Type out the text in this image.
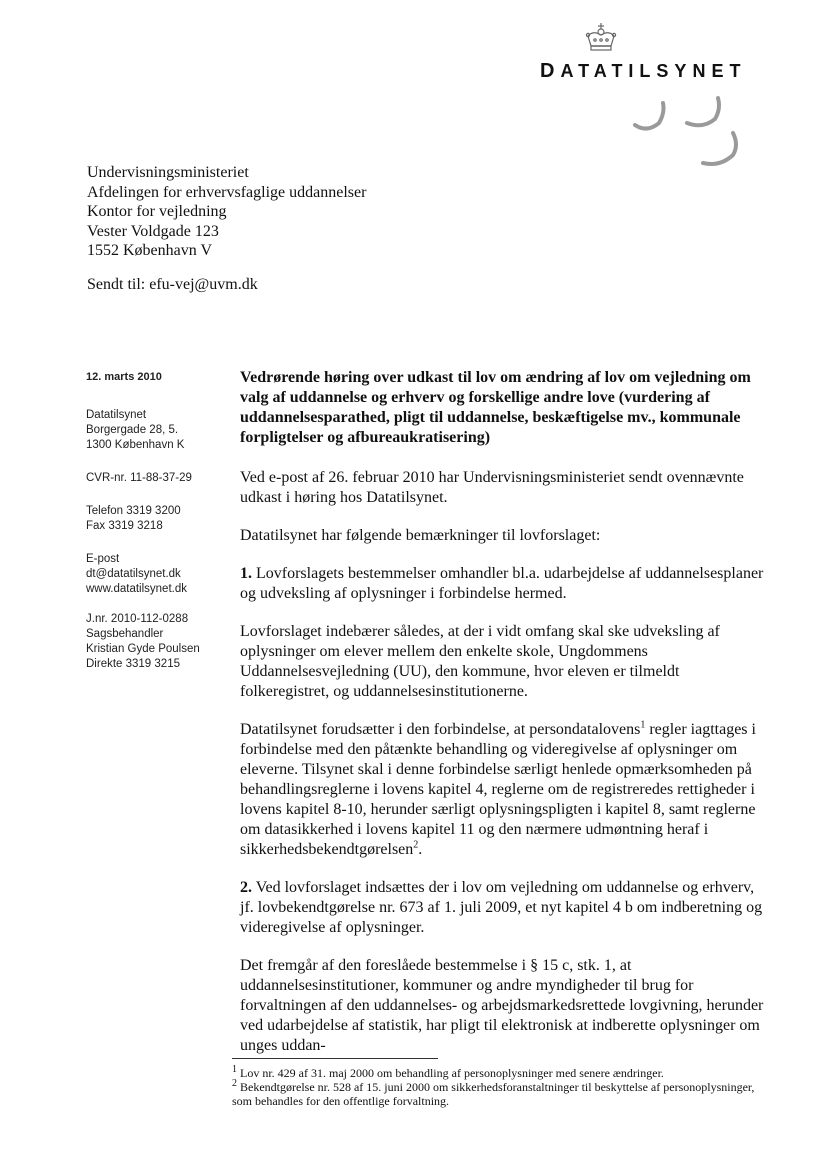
DATATILSYNET
Undervisningsministeriet
Afdelingen for erhvervsfaglige uddannelser
Kontor for vejledning
Vester Voldgade 123
1552 København V
Sendt til: efu-vej@uvm.dk
12. marts 2010
Datatilsynet
Borgergade 28, 5.
1300 København K
CVR-nr. 11-88-37-29
Telefon 3319 3200
Fax 3319 3218
E-post
dt@datatilsynet.dk
www.datatilsynet.dk
J.nr. 2010-112-0288
Sagsbehandler
Kristian Gyde Poulsen
Direkte 3319 3215
Vedrørende høring over udkast til lov om ændring af lov om vejledning om valg af uddannelse og erhverv og forskellige andre love (vurdering af uddannelsesparathed, pligt til uddannelse, beskæftigelse mv., kommunale forpligtelser og afbureaukratisering)

Ved e-post af 26. februar 2010 har Undervisningsministeriet sendt ovennævnte udkast i høring hos Datatilsynet.

Datatilsynet har følgende bemærkninger til lovforslaget:

1. Lovforslagets bestemmelser omhandler bl.a. udarbejdelse af uddannelsesplaner og udveksling af oplysninger i forbindelse hermed.

Lovforslaget indebærer således, at der i vidt omfang skal ske udveksling af oplysninger om elever mellem den enkelte skole, Ungdommens Uddannelsesvejledning (UU), den kommune, hvor eleven er tilmeldt folkeregistret, og uddannelsesinstitutionerne.

Datatilsynet forudsætter i den forbindelse, at persondatalovens$^1$ regler iagttages i forbindelse med den påtænkte behandling og videregivelse af oplysninger om eleverne. Tilsynet skal i denne forbindelse særligt henlede opmærksomheden på behandlingsreglerne i lovens kapitel 4, reglerne om de registreredes rettigheder i lovens kapitel 8-10, herunder særligt oplysningspligten i kapitel 8, samt reglerne om datasikkerhed i lovens kapitel 11 og den nærmere udmøntning heraf i sikkerhedsbekendtgørelsen$^2$.

2. Ved lovforslaget indsættes der i lov om vejledning om uddannelse og erhverv, jf. lovbekendtgørelse nr. 673 af 1. juli 2009, et nyt kapitel 4 b om indberetning og videregivelse af oplysninger.

Det fremgår af den foreslåede bestemmelse i § 15 c, stk. 1, at uddannelsesinstitutioner, kommuner og andre myndigheder til brug for forvaltningen af den uddannelses- og arbejdsmarkedsrettede lovgivning, herunder ved udarbejdelse af statistik, har pligt til elektronisk at indberette oplysninger om unges uddan-

$^1$ Lov nr. 429 af 31. maj 2000 om behandling af personoplysninger med senere ændringer.
$^2$ Bekendtgørelse nr. 528 af 15. juni 2000 om sikkerhedsforanstaltninger til beskyttelse af personoplysninger, som behandles for den offentlige forvaltning.
